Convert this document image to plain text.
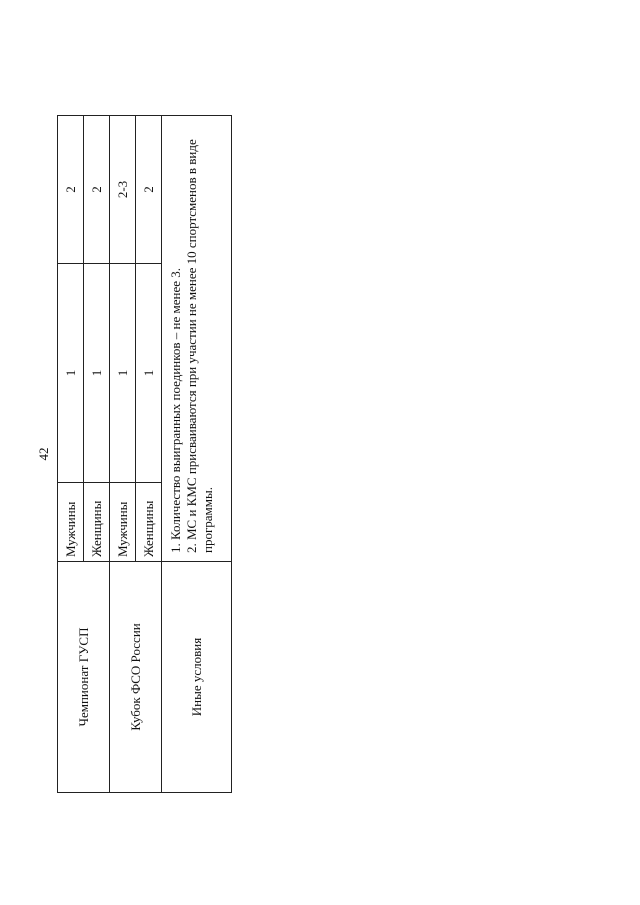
42
Чемпионат ГУСП	Мужчины	1	2
	Женщины	1	2
Кубок ФСО России	Мужчины	1	2-3
	Женщины	1	2
Иные условия	1. Количество выигранных поединков – не менее 3. 2. МС и КМС присваиваются при участии не менее 10 спортсменов в виде программы.		
